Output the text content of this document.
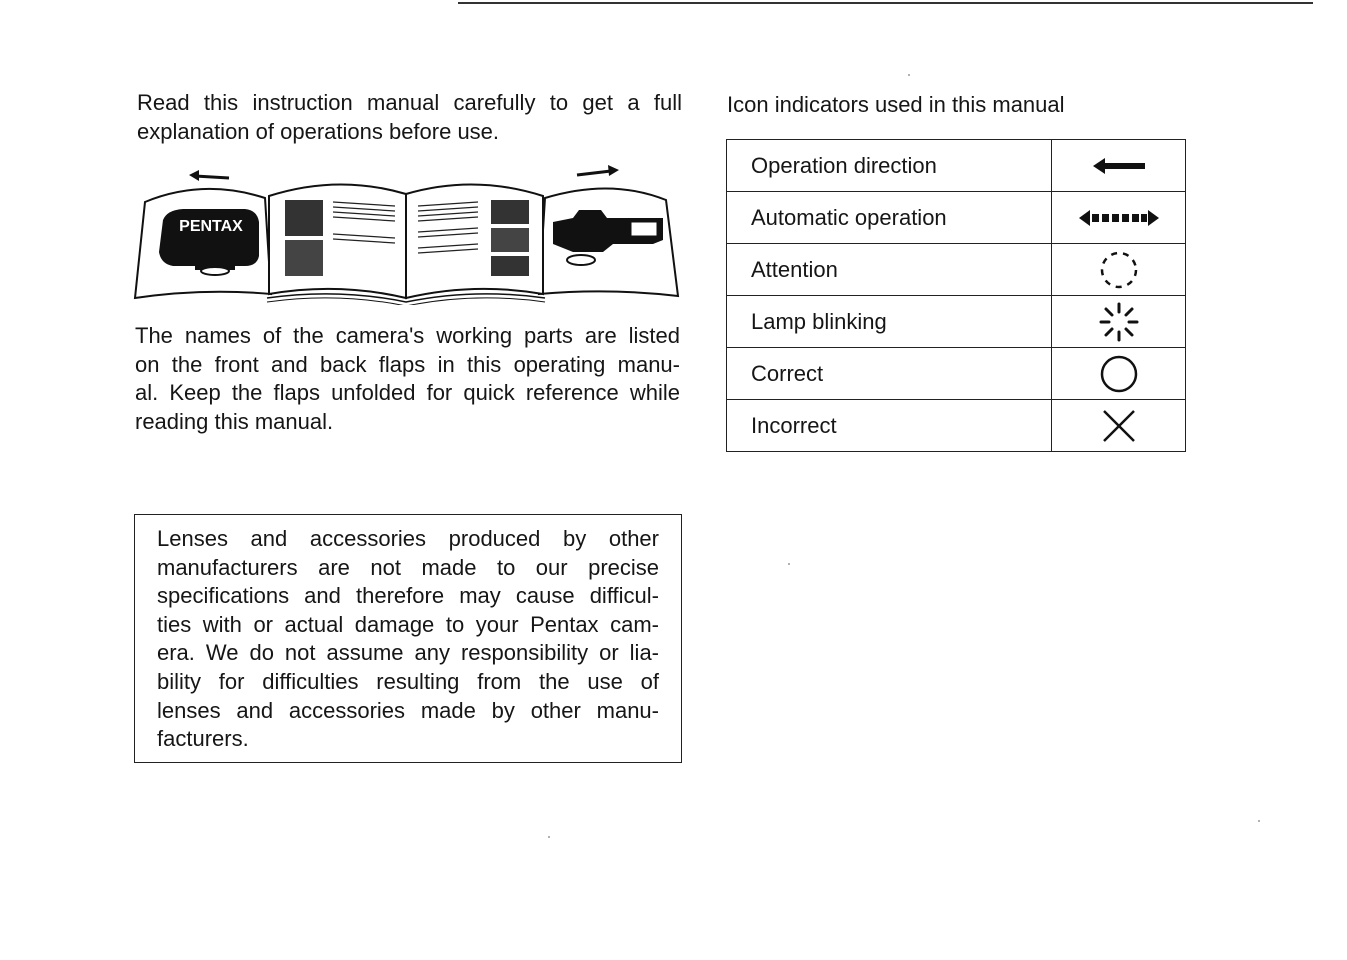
Read this instruction manual carefully to get a full
explanation of operations before use.

PENTAX

The names of the camera's working parts are listed
on the front and back flaps in this operating manu-
al. Keep the flaps unfolded for quick reference while
reading this manual.

Icon indicators used in this manual

Operation direction	

Automatic operation	

Attention	

Lamp blinking	

Correct	

Incorrect	
Lenses and accessories produced by other
manufacturers are not made to our precise
specifications and therefore may cause difficul-
ties with or actual damage to your Pentax cam-
era. We do not assume any responsibility or lia-
bility for difficulties resulting from the use of
lenses and accessories made by other manu-
facturers.
